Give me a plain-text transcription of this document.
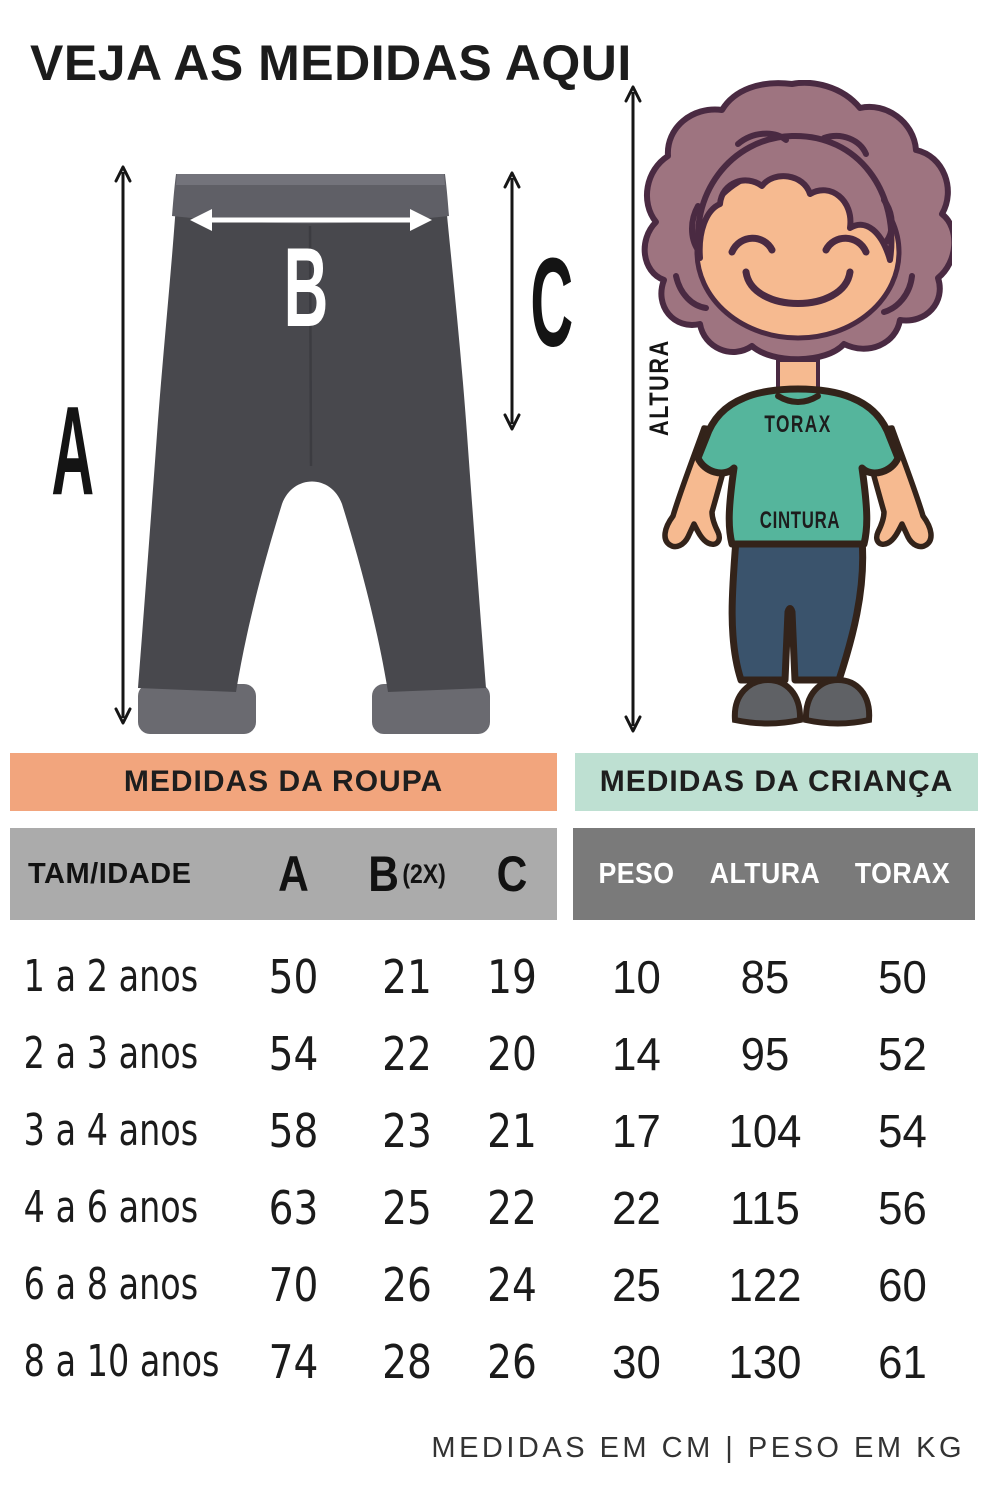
VEJA AS MEDIDAS AQUI
A
B C
ALTURA	TORAX
CINTURA
MEDIDAS DA ROUPA	MEDIDAS DA CRIANÇA
TAM/IDADE	A	B (2X)	C	PESO	ALTURA	TORAX
1 a 2 anos	50	21	19	10	85	50
2 a 3 anos	54	22	20	14	95	52
3 a 4 anos	58	23	21	17	104	54
4 a 6 anos	63	25	22	22	115	56
6 a 8 anos	70	26	24	25	122	60
8 a 10 anos	74	28	26	30	130	61
MEDIDAS EM CM | PESO EM KG
